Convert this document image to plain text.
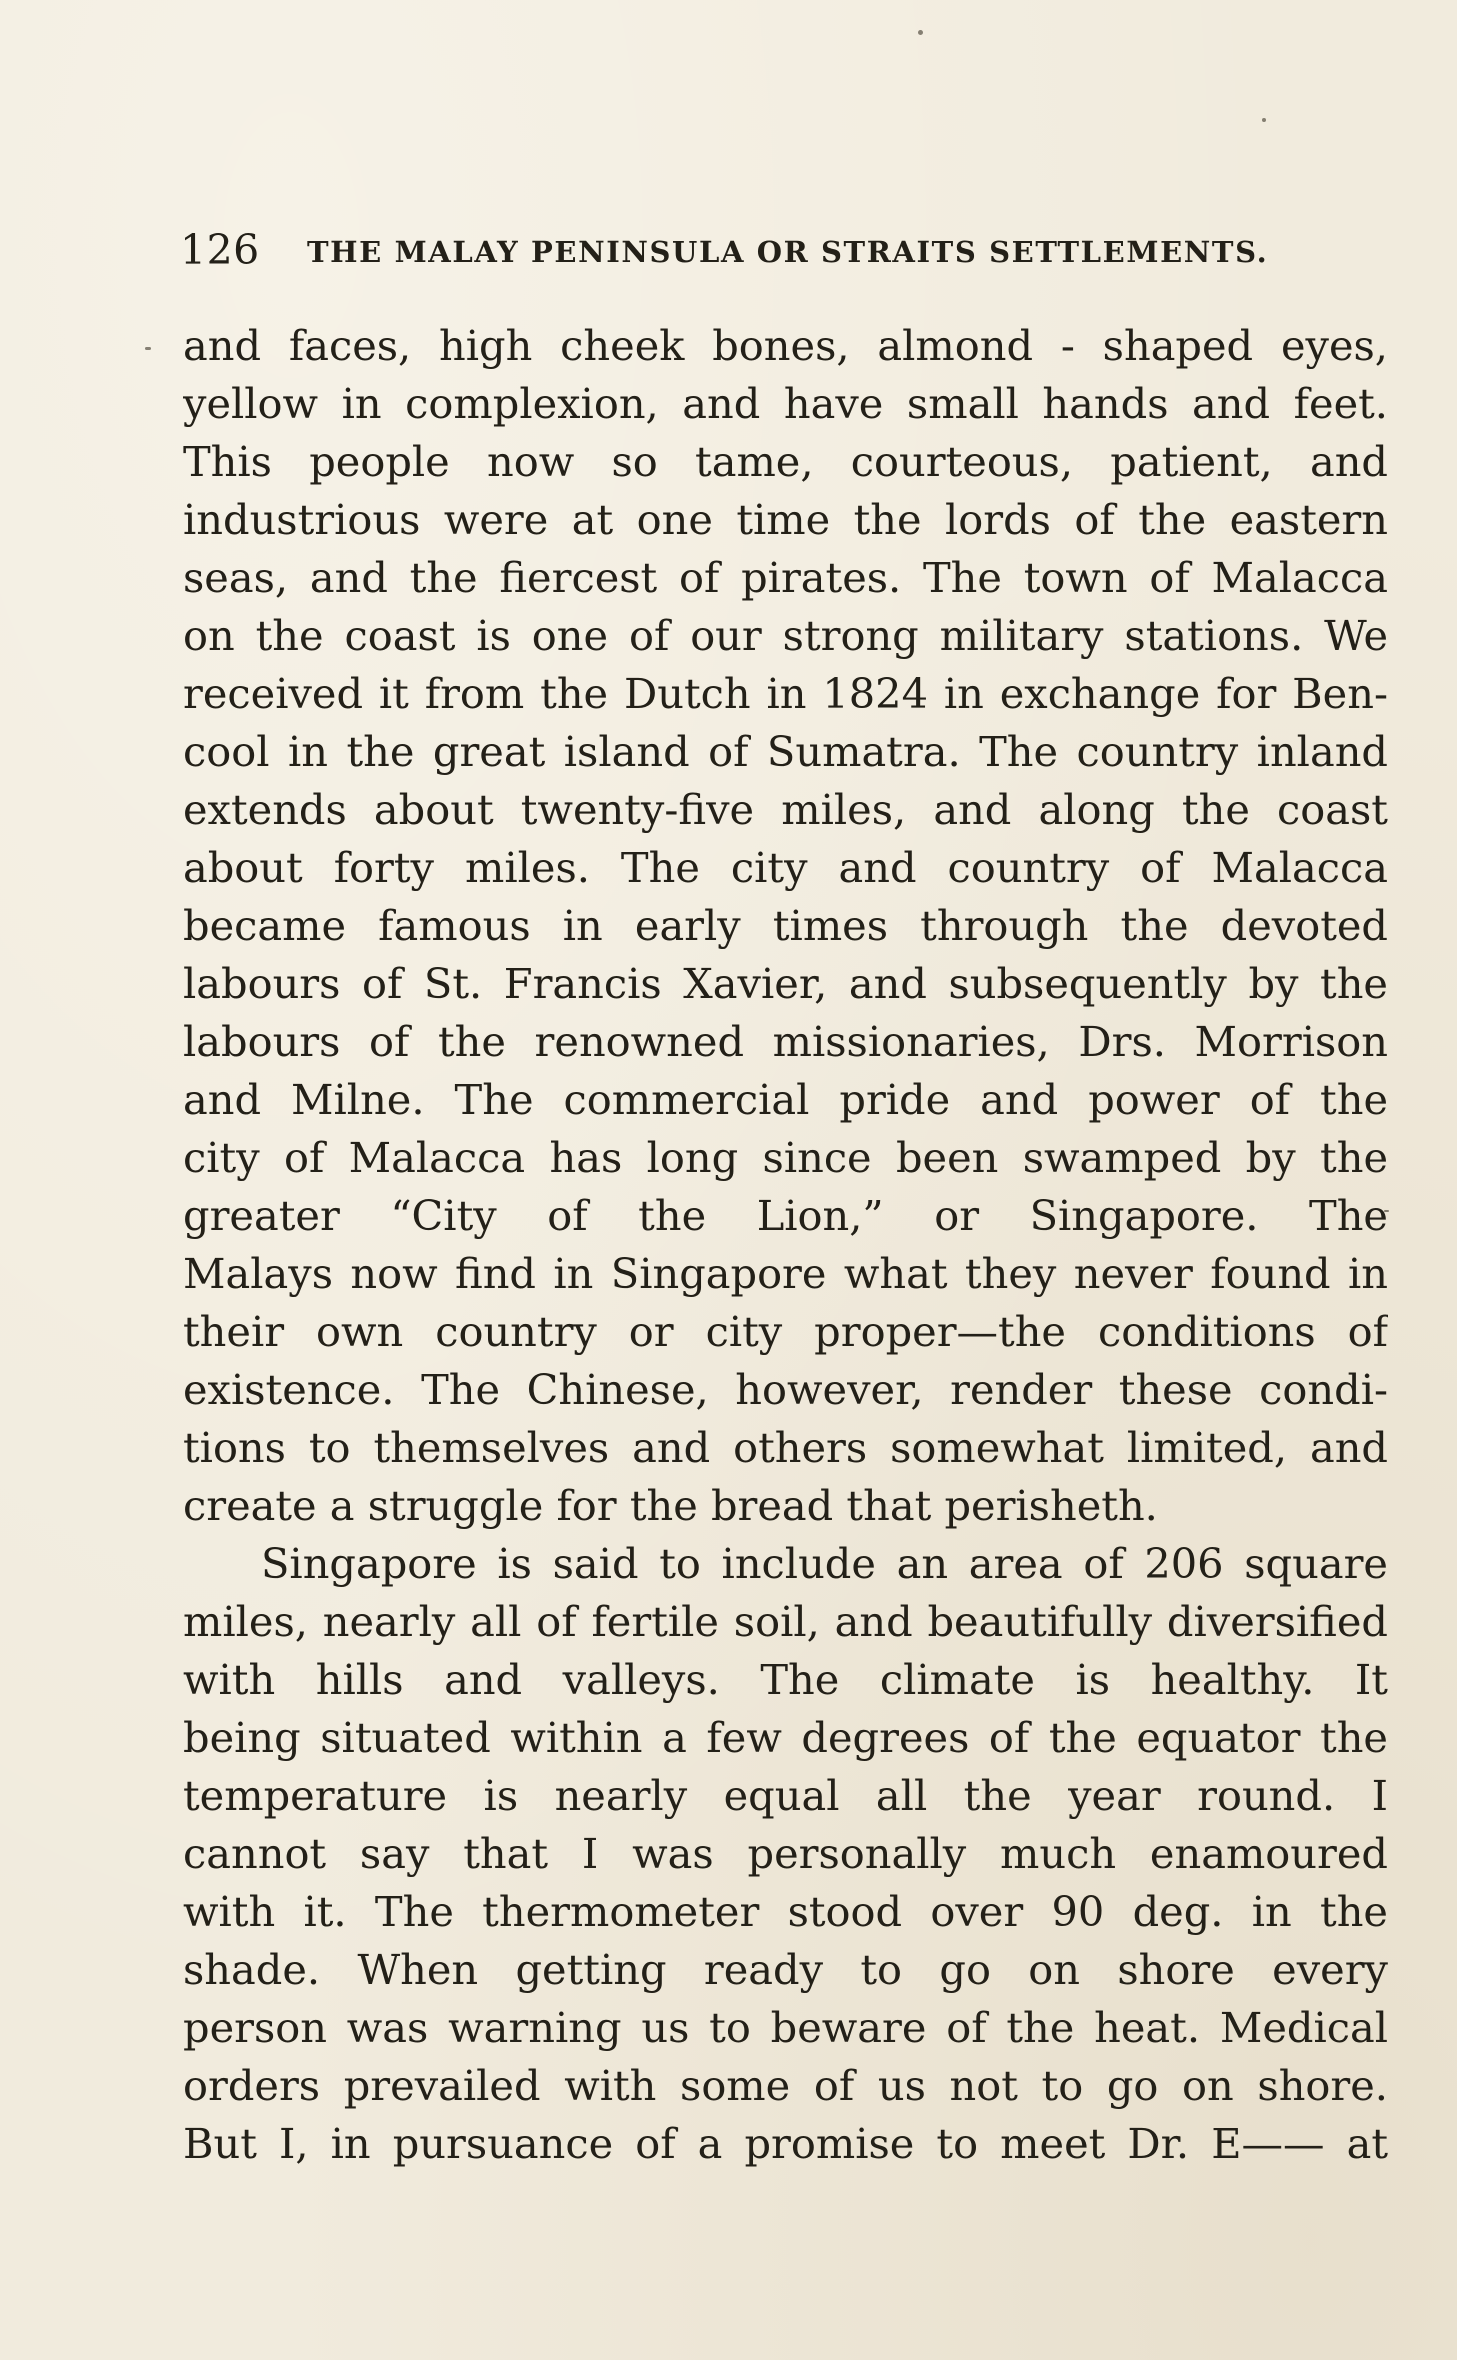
126 THE MALAY PENINSULA OR STRAITS SETTLEMENTS.
and faces, high cheek bones, almond - shaped eyes,
yellow in complexion, and have small hands and feet.
This people now so tame, courteous, patient, and
industrious were at one time the lords of the eastern
seas, and the fiercest of pirates. The town of Malacca
on the coast is one of our strong military stations. We
received it from the Dutch in 1824 in exchange for Ben-
cool in the great island of Sumatra. The country inland
extends about twenty-five miles, and along the coast
about forty miles. The city and country of Malacca
became famous in early times through the devoted
labours of St. Francis Xavier, and subsequently by the
labours of the renowned missionaries, Drs. Morrison
and Milne. The commercial pride and power of the
city of Malacca has long since been swamped by the
greater “City of the Lion,” or Singapore. The
Malays now find in Singapore what they never found in
their own country or city proper—the conditions of
existence. The Chinese, however, render these condi-
tions to themselves and others somewhat limited, and
create a struggle for the bread that perisheth.
Singapore is said to include an area of 206 square
miles, nearly all of fertile soil, and beautifully diversified
with hills and valleys. The climate is healthy. It
being situated within a few degrees of the equator the
temperature is nearly equal all the year round. I
cannot say that I was personally much enamoured
with it. The thermometer stood over 90 deg. in the
shade. When getting ready to go on shore every
person was warning us to beware of the heat. Medical
orders prevailed with some of us not to go on shore.
But I, in pursuance of a promise to meet Dr. E—— at
